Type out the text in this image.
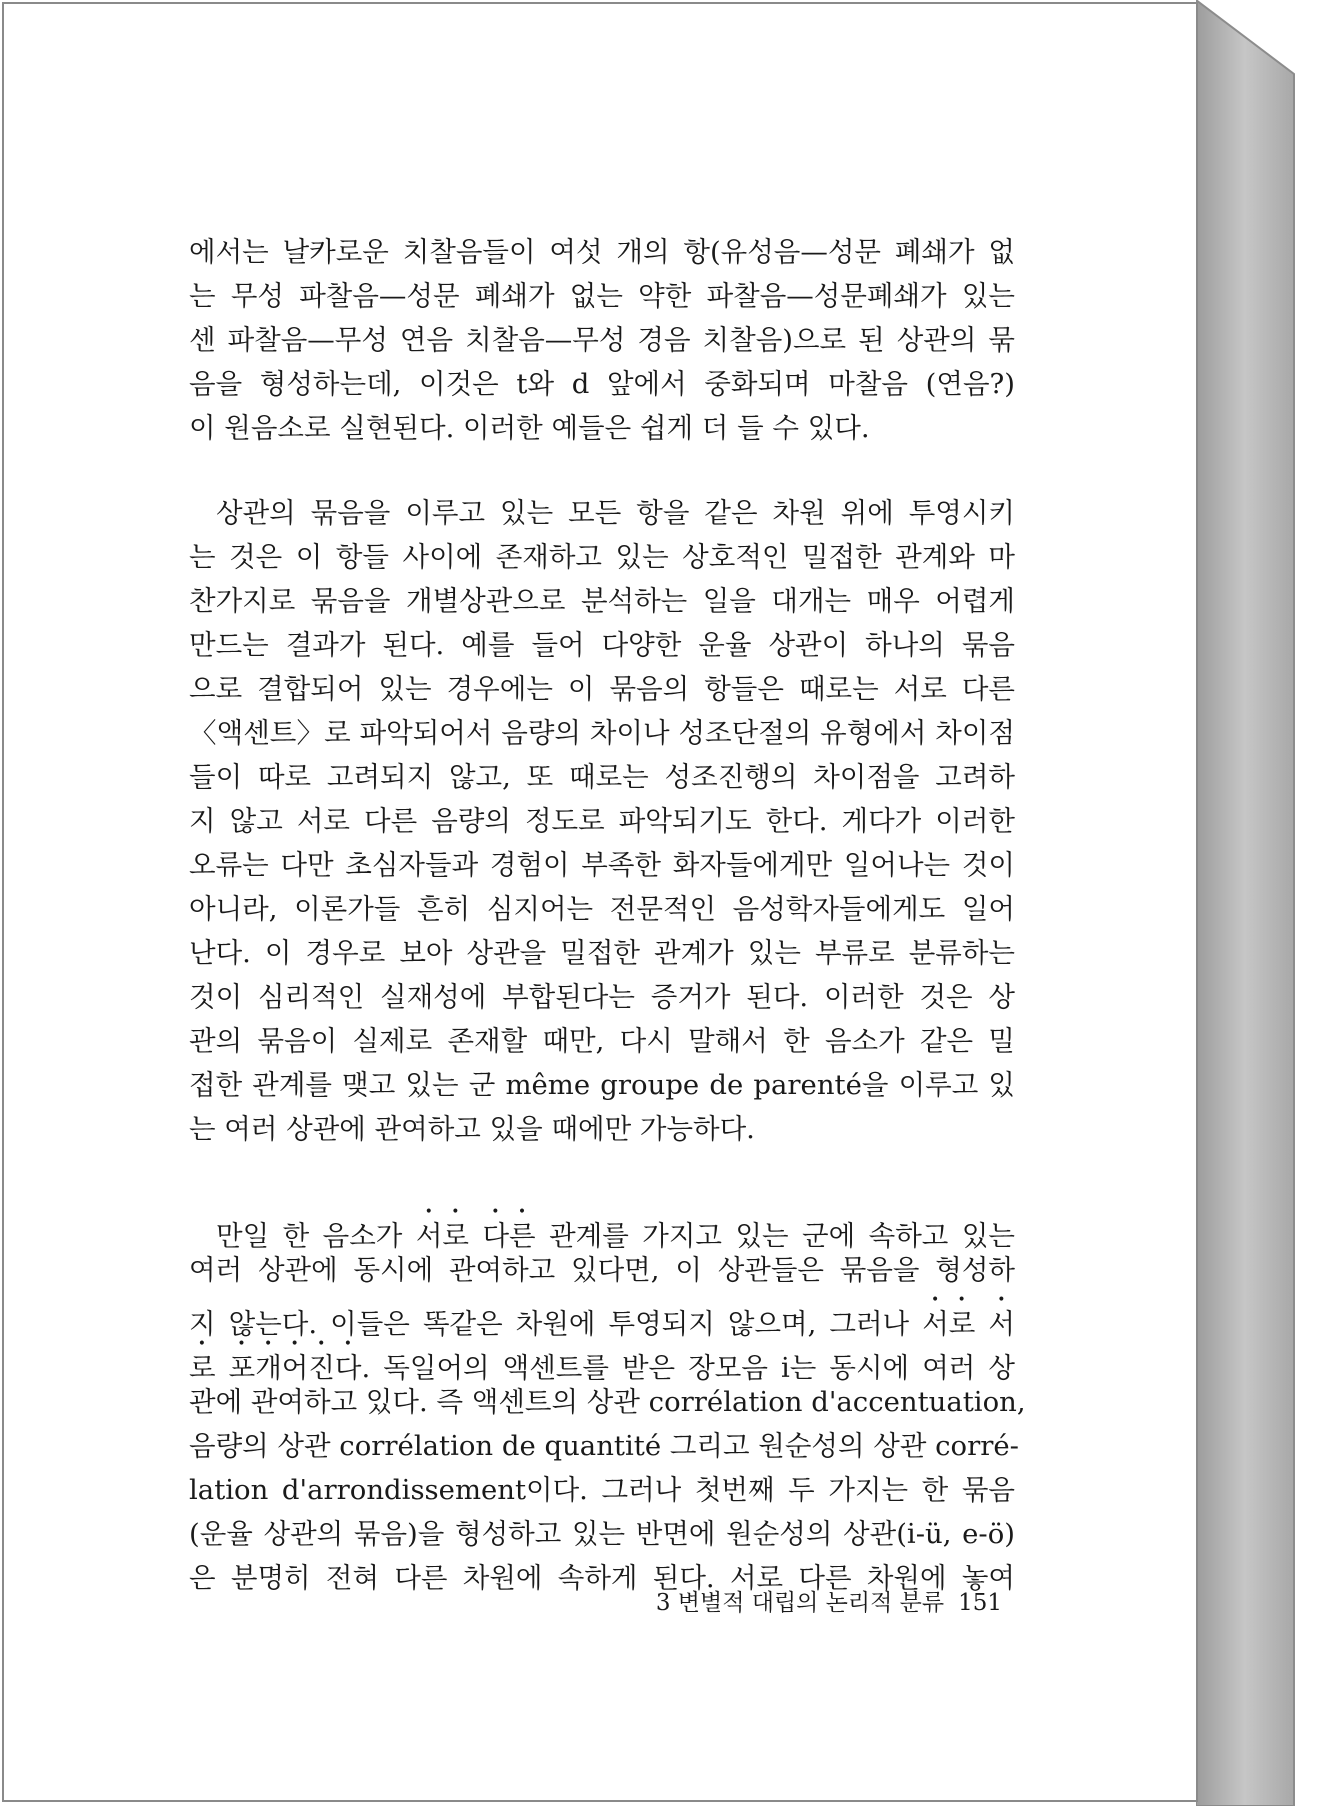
에서는 날카로운 치찰음들이 여섯 개의 항(유성음—성문 폐쇄가 없
는 무성 파찰음—성문 폐쇄가 없는 약한 파찰음—성문폐쇄가 있는
센 파찰음—무성 연음 치찰음—무성 경음 치찰음)으로 된 상관의 묶
음을 형성하는데, 이것은 t와 d 앞에서 중화되며 마찰음 (연음?)
이 원음소로 실현된다. 이러한 예들은 쉽게 더 들 수 있다.
상관의 묶음을 이루고 있는 모든 항을 같은 차원 위에 투영시키
는 것은 이 항들 사이에 존재하고 있는 상호적인 밀접한 관계와 마
찬가지로 묶음을 개별상관으로 분석하는 일을 대개는 매우 어렵게
만드는 결과가 된다. 예를 들어 다양한 운율 상관이 하나의 묶음
으로 결합되어 있는 경우에는 이 묶음의 항들은 때로는 서로 다른
〈액센트〉로 파악되어서 음량의 차이나 성조단절의 유형에서 차이점
들이 따로 고려되지 않고, 또 때로는 성조진행의 차이점을 고려하
지 않고 서로 다른 음량의 정도로 파악되기도 한다. 게다가 이러한
오류는 다만 초심자들과 경험이 부족한 화자들에게만 일어나는 것이
아니라, 이론가들 흔히 심지어는 전문적인 음성학자들에게도 일어
난다. 이 경우로 보아 상관을 밀접한 관계가 있는 부류로 분류하는
것이 심리적인 실재성에 부합된다는 증거가 된다. 이러한 것은 상
관의 묶음이 실제로 존재할 때만, 다시 말해서 한 음소가 같은 밀
접한 관계를 맺고 있는 군 même groupe de parenté을 이루고 있
는 여러 상관에 관여하고 있을 때에만 가능하다.
만일 한 음소가 서로 다른 관계를 가지고 있는 군에 속하고 있는
여러 상관에 동시에 관여하고 있다면, 이 상관들은 묶음을 형성하
지 않는다. 이들은 똑같은 차원에 투영되지 않으며, 그러나 서로 서
로 포개어진다. 독일어의 액센트를 받은 장모음 i는 동시에 여러 상
관에 관여하고 있다. 즉 액센트의 상관 corrélation d'accentuation,
음량의 상관 corrélation de quantité 그리고 원순성의 상관 corré-
lation d'arrondissement이다. 그러나 첫번째 두 가지는 한 묶음
(운율 상관의 묶음)을 형성하고 있는 반면에 원순성의 상관(i-ü, e-ö)
은 분명히 전혀 다른 차원에 속하게 된다. 서로 다른 차원에 놓여
3 변별적 대립의 논리적 분류 151
